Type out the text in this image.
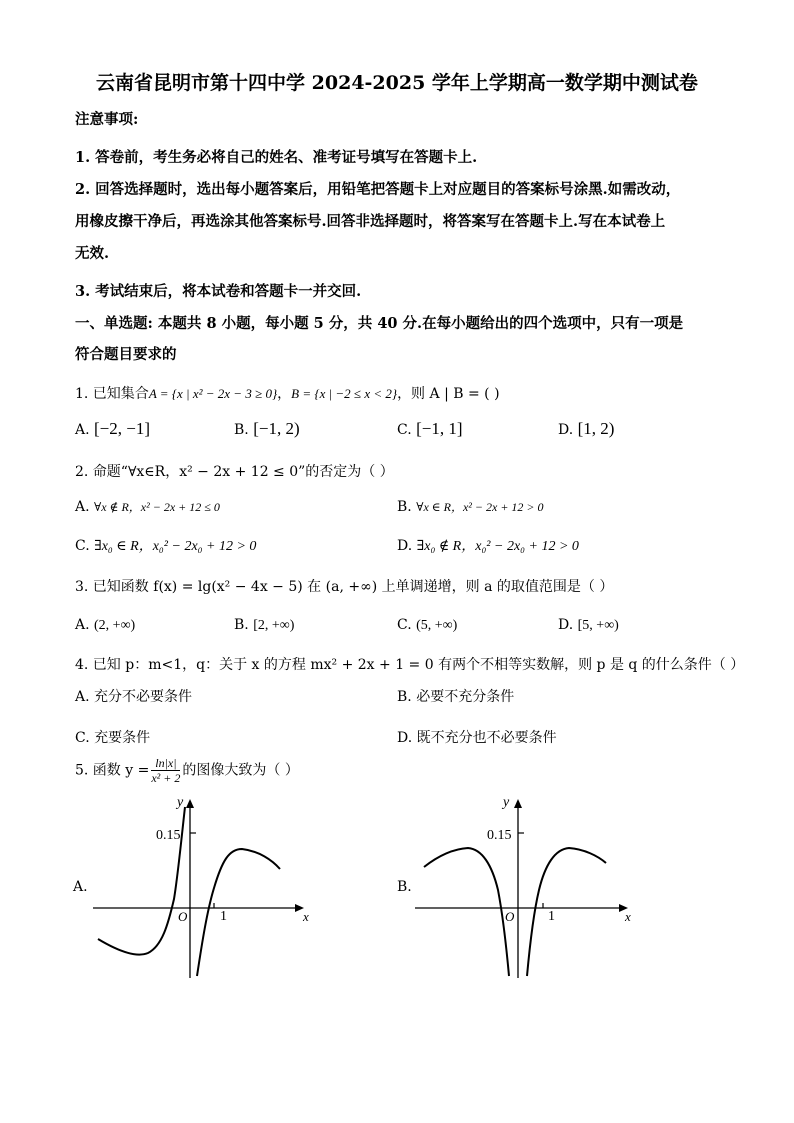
云南省昆明市第十四中学 2024-2025 学年上学期高一数学期中测试卷
注意事项:
1. 答卷前，考生务必将自己的姓名、准考证号填写在答题卡上.
2. 回答选择题时，选出每小题答案后，用铅笔把答题卡上对应题目的答案标号涂黑.如需改动，
用橡皮擦干净后，再选涂其他答案标号.回答非选择题时，将答案写在答题卡上.写在本试卷上
无效.
3. 考试结束后，将本试卷和答题卡一并交回.
一、单选题: 本题共 8 小题，每小题 5 分，共 40 分.在每小题给出的四个选项中，只有一项是
符合题目要求的
1. 已知集合A = {x | x² − 2x − 3 ≥ 0}，B = {x | −2 ≤ x < 2}，则 A | B = ( )
A. [−2, −1]	B. [−1, 2)	C. [−1, 1]	D. [1, 2)
2. 命题“∀x∈R，x² − 2x + 12 ≤ 0”的否定为（ ）
A. ∀x ∉ R，x² − 2x + 12 ≤ 0	B. ∀x ∈ R，x² − 2x + 12 > 0
C. ∃x₀ ∈ R，x₀² − 2x₀ + 12 > 0	D. ∃x₀ ∉ R，x₀² − 2x₀ + 12 > 0
3. 已知函数 f(x) = lg(x² − 4x − 5) 在 (a, +∞) 上单调递增，则 a 的取值范围是（ ）
A. (2, +∞)	B. [2, +∞)	C. (5, +∞)	D. [5, +∞)
4. 已知 p：m<1，q：关于 x 的方程 mx² + 2x + 1 = 0 有两个不相等实数解，则 p 是 q 的什么条件（ ）
A. 充分不必要条件	B. 必要不充分条件
C. 充要条件	D. 既不充分也不必要条件
5. 函数 $y = \frac{\ln|x|}{\text{x² + 2}}$ 的图像大致为（ ）
A.
y
x
O
0.15
1
B.
y
x
O
0.15
1
